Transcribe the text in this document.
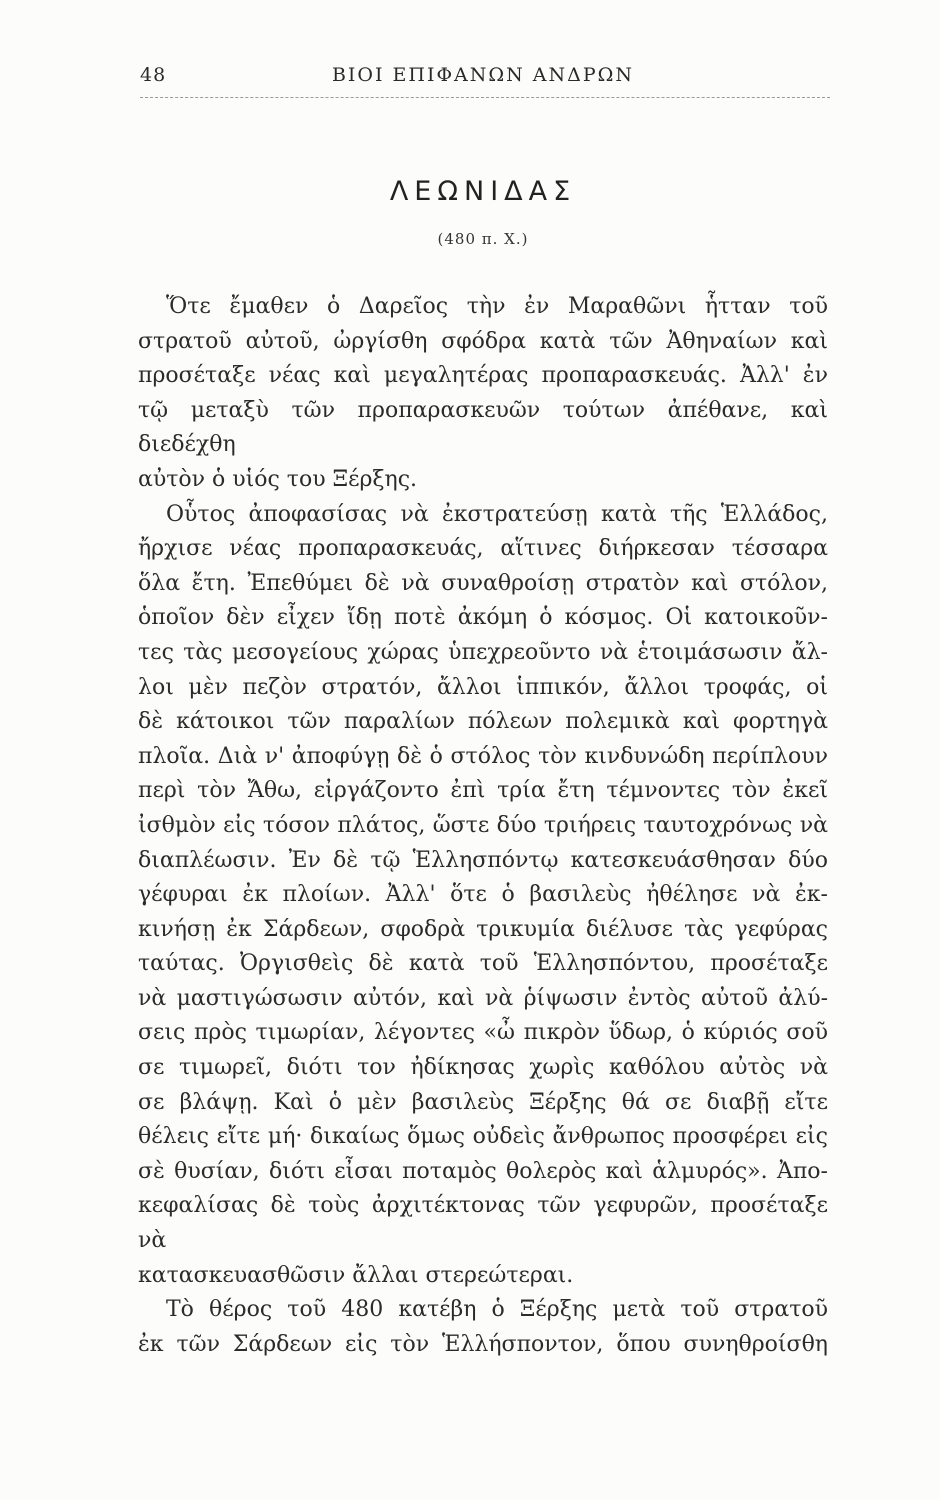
48	ΒΙΟΙ ΕΠΙΦΑΝΩΝ ΑΝΔΡΩΝ
ΛΕΩΝΙΔΑΣ
(480 π. Χ.)

Ὅτε ἔμαθεν ὁ Δαρεῖος τὴν ἐν Μαραθῶνι ἧτταν τοῦ

στρατοῦ αὐτοῦ, ὠργίσθη σφόδρα κατὰ τῶν Ἀθηναίων καὶ

προσέταξε νέας καὶ μεγαλητέρας προπαρασκευάς. Ἀλλ' ἐν

τῷ μεταξὺ τῶν προπαρασκευῶν τούτων ἀπέθανε, καὶ διεδέχθη

αὐτὸν ὁ υἱός του Ξέρξης.

Οὗτος ἀποφασίσας νὰ ἐκστρατεύσῃ κατὰ τῆς Ἑλλάδος,

ἤρχισε νέας προπαρασκευάς, αἵτινες διήρκεσαν τέσσαρα

ὅλα ἔτη. Ἐπεθύμει δὲ νὰ συναθροίσῃ στρατὸν καὶ στόλον,

ὁποῖον δὲν εἶχεν ἴδῃ ποτὲ ἀκόμη ὁ κόσμος. Οἱ κατοικοῦν-

τες τὰς μεσογείους χώρας ὑπεχρεοῦντο νὰ ἑτοιμάσωσιν ἄλ-

λοι μὲν πεζὸν στρατόν, ἄλλοι ἱππικόν, ἄλλοι τροφάς, οἱ

δὲ κάτοικοι τῶν παραλίων πόλεων πολεμικὰ καὶ φορτηγὰ

πλοῖα. Διὰ ν' ἀποφύγῃ δὲ ὁ στόλος τὸν κινδυνώδη περίπλουν

περὶ τὸν Ἄθω, εἰργάζοντο ἐπὶ τρία ἔτη τέμνοντες τὸν ἐκεῖ

ἰσθμὸν εἰς τόσον πλάτος, ὥστε δύο τριήρεις ταυτοχρόνως νὰ

διαπλέωσιν. Ἐν δὲ τῷ Ἑλλησπόντῳ κατεσκευάσθησαν δύο

γέφυραι ἐκ πλοίων. Ἀλλ' ὅτε ὁ βασιλεὺς ἠθέλησε νὰ ἐκ-

κινήσῃ ἐκ Σάρδεων, σφοδρὰ τρικυμία διέλυσε τὰς γεφύρας

ταύτας. Ὀργισθεὶς δὲ κατὰ τοῦ Ἑλλησπόντου, προσέταξε

νὰ μαστιγώσωσιν αὐτόν, καὶ νὰ ῥίψωσιν ἐντὸς αὐτοῦ ἀλύ-

σεις πρὸς τιμωρίαν, λέγοντες «ὦ πικρὸν ὕδωρ, ὁ κύριός σοῦ

σε τιμωρεῖ, διότι τον ἠδίκησας χωρὶς καθόλου αὐτὸς νὰ

σε βλάψῃ. Καὶ ὁ μὲν βασιλεὺς Ξέρξης θά σε διαβῇ εἴτε

θέλεις εἴτε μή· δικαίως ὅμως οὐδεὶς ἄνθρωπος προσφέρει εἰς

σὲ θυσίαν, διότι εἶσαι ποταμὸς θολερὸς καὶ ἁλμυρός». Ἀπο-

κεφαλίσας δὲ τοὺς ἀρχιτέκτονας τῶν γεφυρῶν, προσέταξε νὰ

κατασκευασθῶσιν ἄλλαι στερεώτεραι.

Τὸ θέρος τοῦ 480 κατέβη ὁ Ξέρξης μετὰ τοῦ στρατοῦ

ἐκ τῶν Σάρδεων εἰς τὸν Ἑλλήσποντον, ὅπου συνηθροίσθη
